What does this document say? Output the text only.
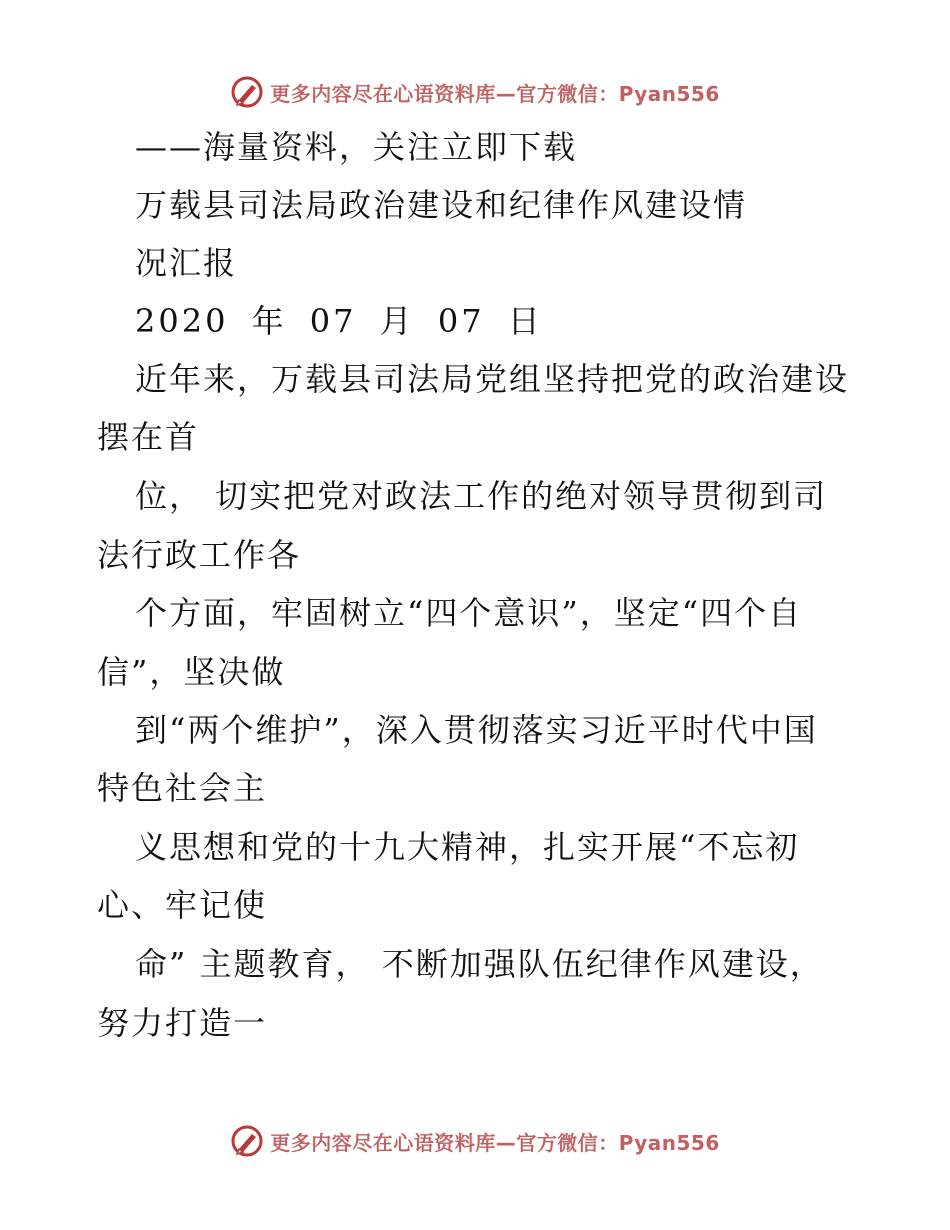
更多内容尽在心语资料库—官方微信：Pyan556
——海量资料，关注立即下载
万载县司法局政治建设和纪律作风建设情
况汇报
2020 年 07 月 07 日
近年来，万载县司法局党组坚持把党的政治建设
摆在首
位， 切实把党对政法工作的绝对领导贯彻到司
法行政工作各
个方面，牢固树立“四个意识”，坚定“四个自
信”，坚决做
到“两个维护”，深入贯彻落实习近平时代中国
特色社会主
义思想和党的十九大精神，扎实开展“不忘初
心、牢记使
命” 主题教育， 不断加强队伍纪律作风建设，
努力打造一
更多内容尽在心语资料库—官方微信：Pyan556
